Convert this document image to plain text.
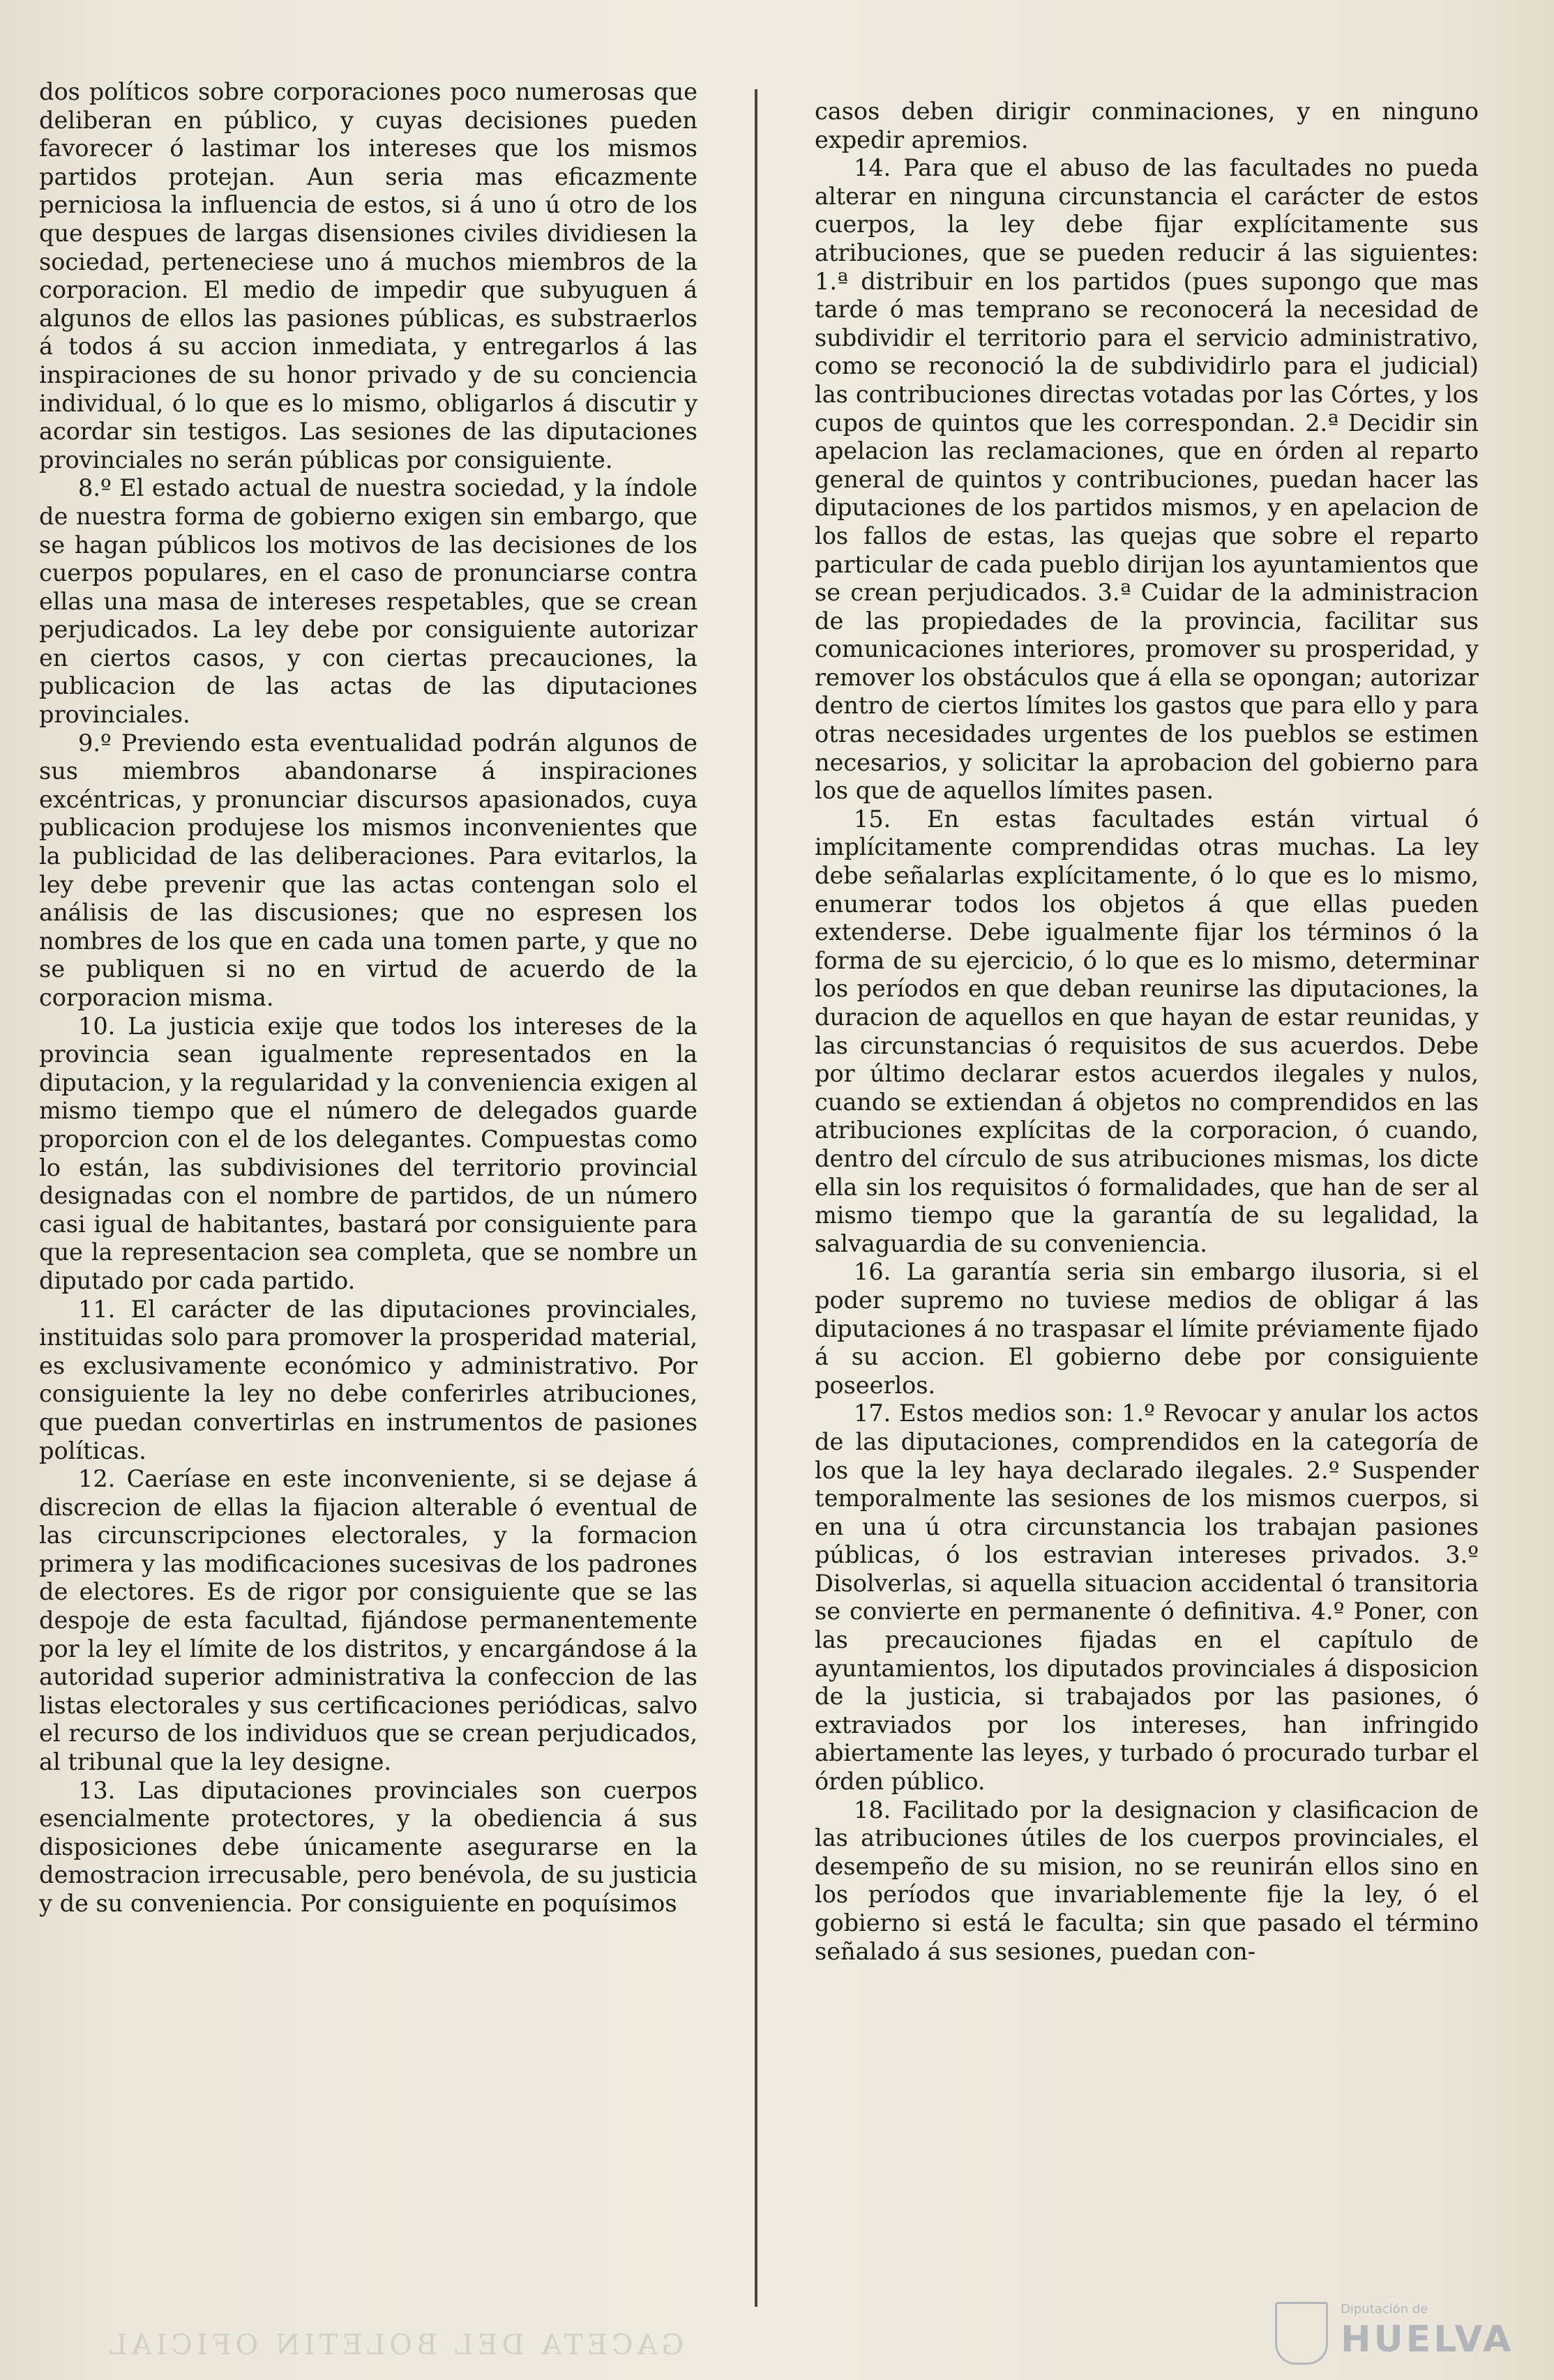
dos políticos sobre corporaciones poco numerosas que deliberan en público, y cuyas decisiones pueden favorecer ó lastimar los intereses que los mismos partidos protejan. Aun seria mas eficazmente perniciosa la influencia de estos, si á uno ú otro de los que despues de largas disensiones civiles dividiesen la sociedad, perteneciese uno á muchos miembros de la corporacion. El medio de impedir que subyuguen á algunos de ellos las pasiones públicas, es substraerlos á todos á su accion inmediata, y entregarlos á las inspiraciones de su honor privado y de su conciencia individual, ó lo que es lo mismo, obligarlos á discutir y acordar sin testigos. Las sesiones de las diputaciones provinciales no serán públicas por consiguiente.

8.º El estado actual de nuestra sociedad, y la índole de nuestra forma de gobierno exigen sin embargo, que se hagan públicos los motivos de las decisiones de los cuerpos populares, en el caso de pronunciarse contra ellas una masa de intereses respetables, que se crean perjudicados. La ley debe por consiguiente autorizar en ciertos casos, y con ciertas precauciones, la publicacion de las actas de las diputaciones provinciales.

9.º Previendo esta eventualidad podrán algunos de sus miembros abandonarse á inspiraciones excéntricas, y pronunciar discursos apasionados, cuya publicacion produjese los mismos inconvenientes que la publicidad de las deliberaciones. Para evitarlos, la ley debe prevenir que las actas contengan solo el análisis de las discusiones; que no espresen los nombres de los que en cada una tomen parte, y que no se publiquen si no en virtud de acuerdo de la corporacion misma.

10. La justicia exije que todos los intereses de la provincia sean igualmente representados en la diputacion, y la regularidad y la conveniencia exigen al mismo tiempo que el número de delegados guarde proporcion con el de los delegantes. Compuestas como lo están, las subdivisiones del territorio provincial designadas con el nombre de partidos, de un número casi igual de habitantes, bastará por consiguiente para que la representacion sea completa, que se nombre un diputado por cada partido.

11. El carácter de las diputaciones provinciales, instituidas solo para promover la prosperidad material, es exclusivamente económico y administrativo. Por consiguiente la ley no debe conferirles atribuciones, que puedan convertirlas en instrumentos de pasiones políticas.

12. Caeríase en este inconveniente, si se dejase á discrecion de ellas la fijacion alterable ó eventual de las circunscripciones electorales, y la formacion primera y las modificaciones sucesivas de los padrones de electores. Es de rigor por consiguiente que se las despoje de esta facultad, fijándose permanentemente por la ley el límite de los distritos, y encargándose á la autoridad superior administrativa la confeccion de las listas electorales y sus certificaciones periódicas, salvo el recurso de los individuos que se crean perjudicados, al tribunal que la ley designe.

13. Las diputaciones provinciales son cuerpos esencialmente protectores, y la obediencia á sus disposiciones debe únicamente asegurarse en la demostracion irrecusable, pero benévola, de su justicia y de su conveniencia. Por consiguiente en poquísimos

casos deben dirigir conminaciones, y en ninguno expedir apremios.

14. Para que el abuso de las facultades no pueda alterar en ninguna circunstancia el carácter de estos cuerpos, la ley debe fijar explícitamente sus atribuciones, que se pueden reducir á las siguientes: 1.ª distribuir en los partidos (pues supongo que mas tarde ó mas temprano se reconocerá la necesidad de subdividir el territorio para el servicio administrativo, como se reconoció la de subdividirlo para el judicial) las contribuciones directas votadas por las Córtes, y los cupos de quintos que les correspondan. 2.ª Decidir sin apelacion las reclamaciones, que en órden al reparto general de quintos y contribuciones, puedan hacer las diputaciones de los partidos mismos, y en apelacion de los fallos de estas, las quejas que sobre el reparto particular de cada pueblo dirijan los ayuntamientos que se crean perjudicados. 3.ª Cuidar de la administracion de las propiedades de la provincia, facilitar sus comunicaciones interiores, promover su prosperidad, y remover los obstáculos que á ella se opongan; autorizar dentro de ciertos límites los gastos que para ello y para otras necesidades urgentes de los pueblos se estimen necesarios, y solicitar la aprobacion del gobierno para los que de aquellos límites pasen.

15. En estas facultades están virtual ó implícitamente comprendidas otras muchas. La ley debe señalarlas explícitamente, ó lo que es lo mismo, enumerar todos los objetos á que ellas pueden extenderse. Debe igualmente fijar los términos ó la forma de su ejercicio, ó lo que es lo mismo, determinar los períodos en que deban reunirse las diputaciones, la duracion de aquellos en que hayan de estar reunidas, y las circunstancias ó requisitos de sus acuerdos. Debe por último declarar estos acuerdos ilegales y nulos, cuando se extiendan á objetos no comprendidos en las atribuciones explícitas de la corporacion, ó cuando, dentro del círculo de sus atribuciones mismas, los dicte ella sin los requisitos ó formalidades, que han de ser al mismo tiempo que la garantía de su legalidad, la salvaguardia de su conveniencia.

16. La garantía seria sin embargo ilusoria, si el poder supremo no tuviese medios de obligar á las diputaciones á no traspasar el límite préviamente fijado á su accion. El gobierno debe por consiguiente poseerlos.

17. Estos medios son: 1.º Revocar y anular los actos de las diputaciones, comprendidos en la categoría de los que la ley haya declarado ilegales. 2.º Suspender temporalmente las sesiones de los mismos cuerpos, si en una ú otra circunstancia los trabajan pasiones públicas, ó los estravian intereses privados. 3.º Disolverlas, si aquella situacion accidental ó transitoria se convierte en permanente ó definitiva. 4.º Poner, con las precauciones fijadas en el capítulo de ayuntamientos, los diputados provinciales á disposicion de la justicia, si trabajados por las pasiones, ó extraviados por los intereses, han infringido abiertamente las leyes, y turbado ó procurado turbar el órden público.

18. Facilitado por la designacion y clasificacion de las atribuciones útiles de los cuerpos provinciales, el desempeño de su mision, no se reunirán ellos sino en los períodos que invariablemente fije la ley, ó el gobierno si está le faculta; sin que pasado el término señalado á sus sesiones, puedan con-

GACETA DEL BOLETIN OFICIAL
Diputación de
HUELVA
